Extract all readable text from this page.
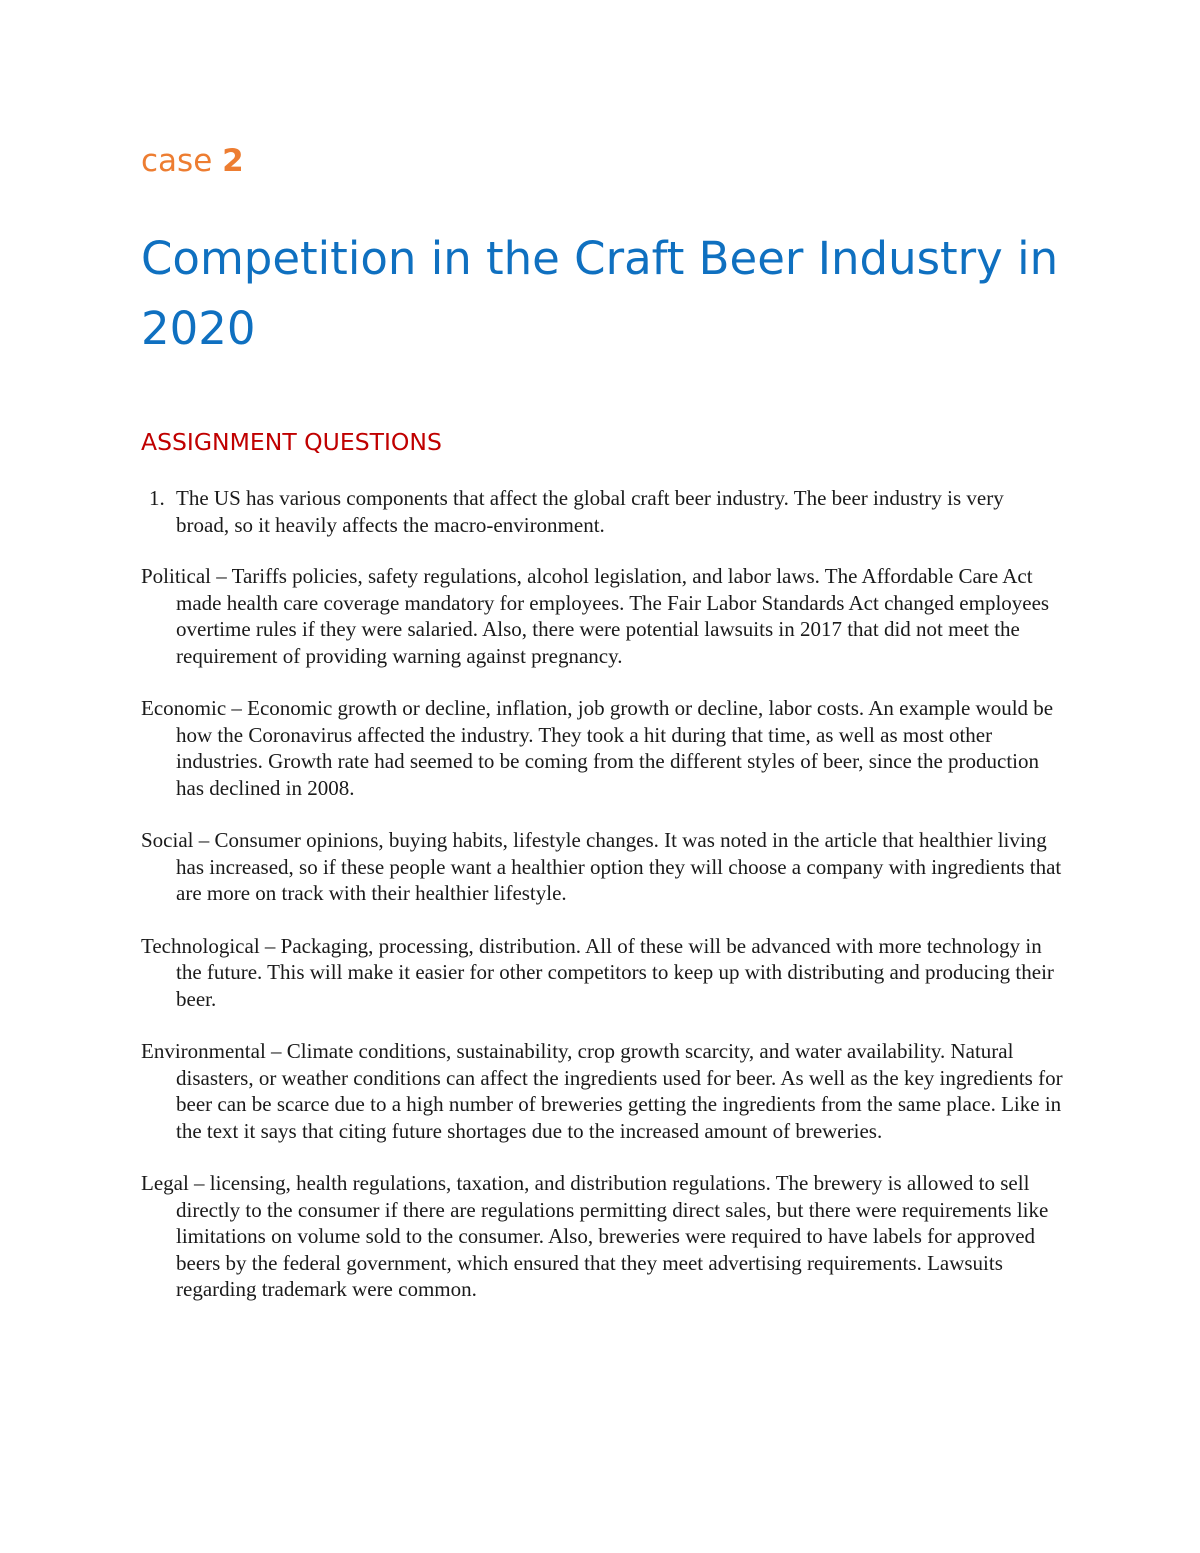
case 2
Competition in the Craft Beer Industry in 2020
ASSIGNMENT QUESTIONS
1. The US has various components that affect the global craft beer industry. The beer industry is very broad, so it heavily affects the macro-environment.

Political – Tariffs policies, safety regulations, alcohol legislation, and labor laws. The Affordable Care Act made health care coverage mandatory for employees. The Fair Labor Standards Act changed employees overtime rules if they were salaried. Also, there were potential lawsuits in 2017 that did not meet the requirement of providing warning against pregnancy.

Economic – Economic growth or decline, inflation, job growth or decline, labor costs. An example would be how the Coronavirus affected the industry. They took a hit during that time, as well as most other industries. Growth rate had seemed to be coming from the different styles of beer, since the production has declined in 2008.

Social – Consumer opinions, buying habits, lifestyle changes. It was noted in the article that healthier living has increased, so if these people want a healthier option they will choose a company with ingredients that are more on track with their healthier lifestyle.

Technological – Packaging, processing, distribution. All of these will be advanced with more technology in the future. This will make it easier for other competitors to keep up with distributing and producing their beer.

Environmental – Climate conditions, sustainability, crop growth scarcity, and water availability. Natural disasters, or weather conditions can affect the ingredients used for beer. As well as the key ingredients for beer can be scarce due to a high number of breweries getting the ingredients from the same place. Like in the text it says that citing future shortages due to the increased amount of breweries.

Legal – licensing, health regulations, taxation, and distribution regulations. The brewery is allowed to sell directly to the consumer if there are regulations permitting direct sales, but there were requirements like limitations on volume sold to the consumer. Also, breweries were required to have labels for approved beers by the federal government, which ensured that they meet advertising requirements. Lawsuits regarding trademark were common.
